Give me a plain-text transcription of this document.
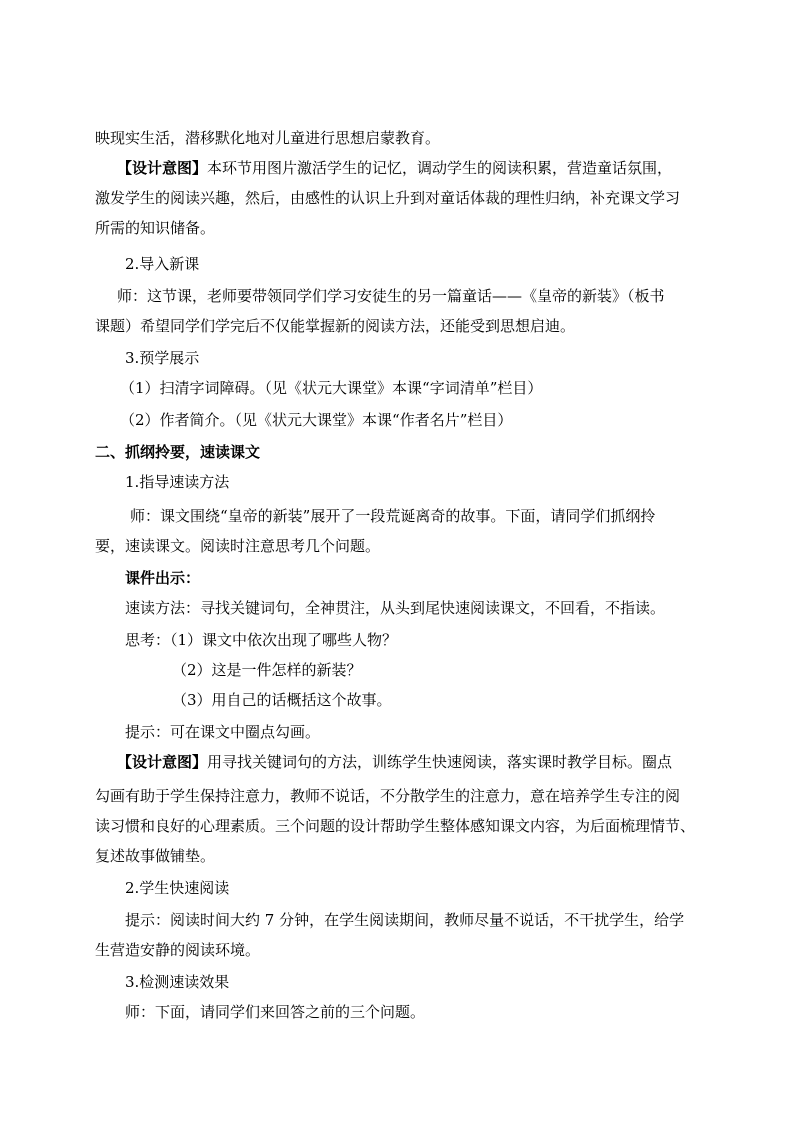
映现实生活，潜移默化地对儿童进行思想启蒙教育。
【设计意图】本环节用图片激活学生的记忆，调动学生的阅读积累，营造童话氛围，
激发学生的阅读兴趣，然后，由感性的认识上升到对童话体裁的理性归纳，补充课文学习
所需的知识储备。
2.导入新课
师：这节课，老师要带领同学们学习安徒生的另一篇童话——《皇帝的新装》（板书
课题）希望同学们学完后不仅能掌握新的阅读方法，还能受到思想启迪。
3.预学展示
（1）扫清字词障碍。（见《状元大课堂》本课“字词清单”栏目）
（2）作者简介。（见《状元大课堂》本课“作者名片”栏目）
二、抓纲拎要，速读课文
1.指导速读方法
师：课文围绕“皇帝的新装”展开了一段荒诞离奇的故事。下面，请同学们抓纲拎
要，速读课文。阅读时注意思考几个问题。
课件出示：
速读方法：寻找关键词句，全神贯注，从头到尾快速阅读课文，不回看，不指读。
思考：（1）课文中依次出现了哪些人物？
（2）这是一件怎样的新装？
（3）用自己的话概括这个故事。
提示：可在课文中圈点勾画。
【设计意图】用寻找关键词句的方法，训练学生快速阅读，落实课时教学目标。圈点
勾画有助于学生保持注意力，教师不说话，不分散学生的注意力，意在培养学生专注的阅
读习惯和良好的心理素质。三个问题的设计帮助学生整体感知课文内容，为后面梳理情节、
复述故事做铺垫。
2.学生快速阅读
提示：阅读时间大约 7 分钟，在学生阅读期间，教师尽量不说话，不干扰学生，给学
生营造安静的阅读环境。
3.检测速读效果
师：下面，请同学们来回答之前的三个问题。
